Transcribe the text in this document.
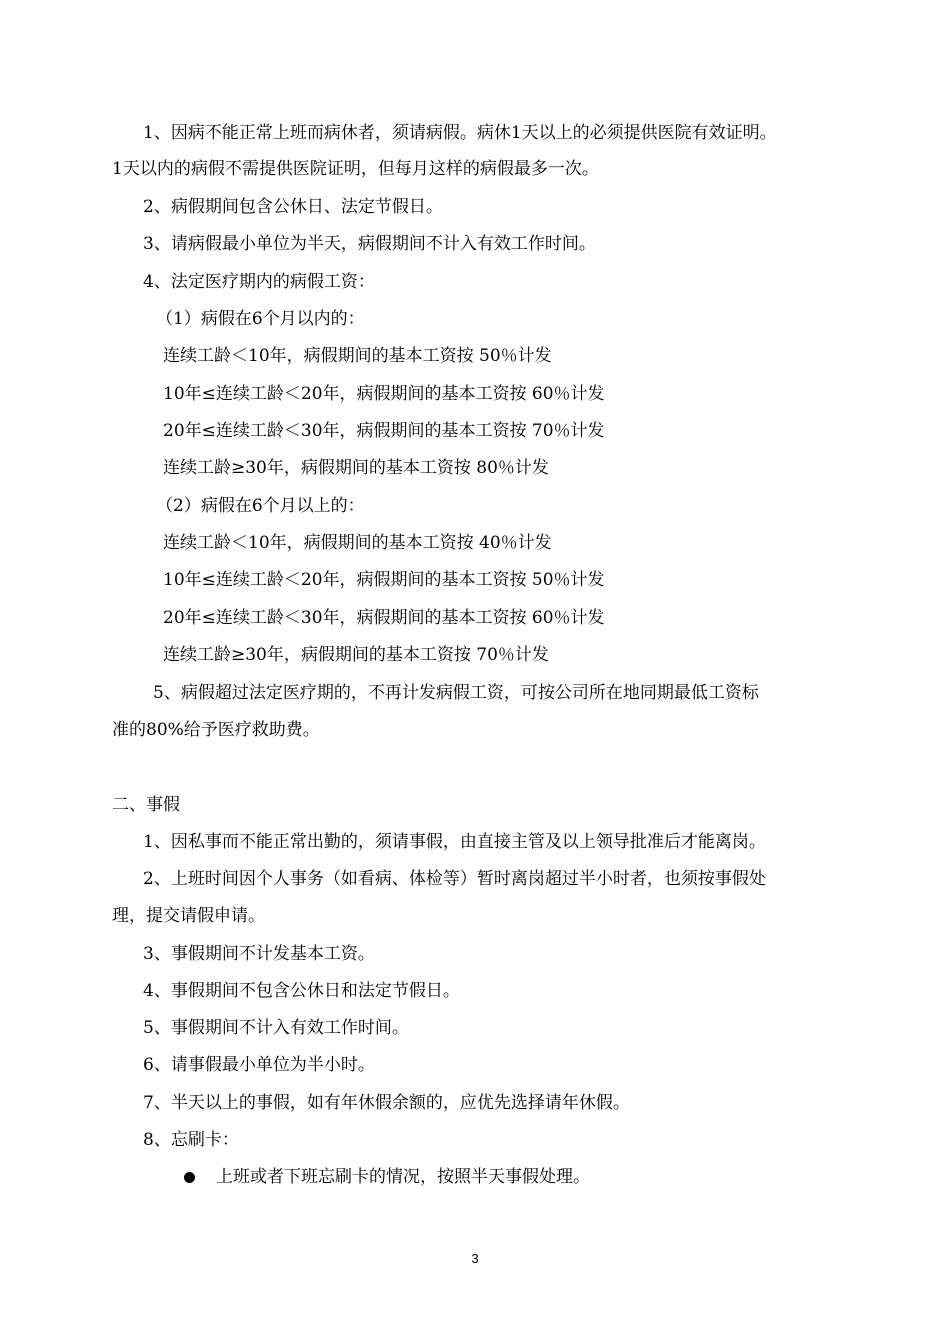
1、因病不能正常上班而病休者，须请病假。病休1天以上的必须提供医院有效证明。
1天以内的病假不需提供医院证明，但每月这样的病假最多一次。
2、病假期间包含公休日、法定节假日。
3、请病假最小单位为半天，病假期间不计入有效工作时间。
4、法定医疗期内的病假工资：
（1）病假在6个月以内的：
连续工龄＜10年，病假期间的基本工资按 50％计发
10年≤连续工龄＜20年，病假期间的基本工资按 60％计发
20年≤连续工龄＜30年，病假期间的基本工资按 70％计发
连续工龄≥30年，病假期间的基本工资按 80％计发
（2）病假在6个月以上的：
连续工龄＜10年，病假期间的基本工资按 40％计发
10年≤连续工龄＜20年，病假期间的基本工资按 50％计发
20年≤连续工龄＜30年，病假期间的基本工资按 60％计发
连续工龄≥30年，病假期间的基本工资按 70％计发
5、病假超过法定医疗期的，不再计发病假工资，可按公司所在地同期最低工资标
准的80%给予医疗救助费。
二、事假
1、因私事而不能正常出勤的，须请事假，由直接主管及以上领导批准后才能离岗。
2、上班时间因个人事务（如看病、体检等）暂时离岗超过半小时者，也须按事假处
理，提交请假申请。
3、事假期间不计发基本工资。
4、事假期间不包含公休日和法定节假日。
5、事假期间不计入有效工作时间。
6、请事假最小单位为半小时。
7、半天以上的事假，如有年休假余额的，应优先选择请年休假。
8、忘刷卡：
上班或者下班忘刷卡的情况，按照半天事假处理。
3
